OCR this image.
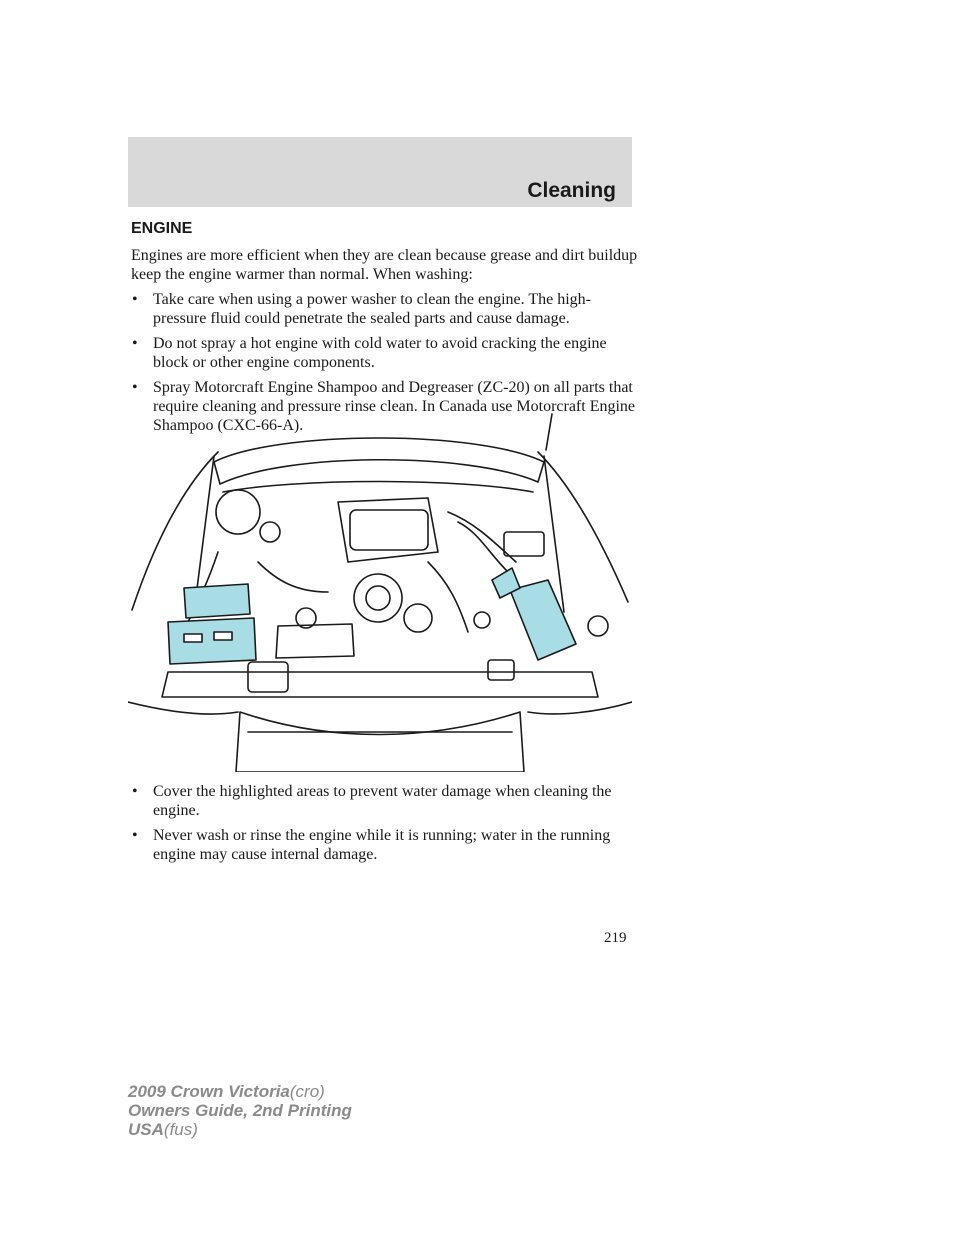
Cleaning
ENGINE

Engines are more efficient when they are clean because grease and dirt buildup keep the engine warmer than normal. When washing:

• Take care when using a power washer to clean the engine. The high-pressure fluid could penetrate the sealed parts and cause damage.
• Do not spray a hot engine with cold water to avoid cracking the engine block or other engine components.
• Spray Motorcraft Engine Shampoo and Degreaser (ZC-20) on all parts that require cleaning and pressure rinse clean. In Canada use Motorcraft Engine Shampoo (CXC-66-A).
• Cover the highlighted areas to prevent water damage when cleaning the engine.
• Never wash or rinse the engine while it is running; water in the running engine may cause internal damage.
219
2009 Crown Victoria(cro)
Owners Guide, 2nd Printing
USA(fus)
